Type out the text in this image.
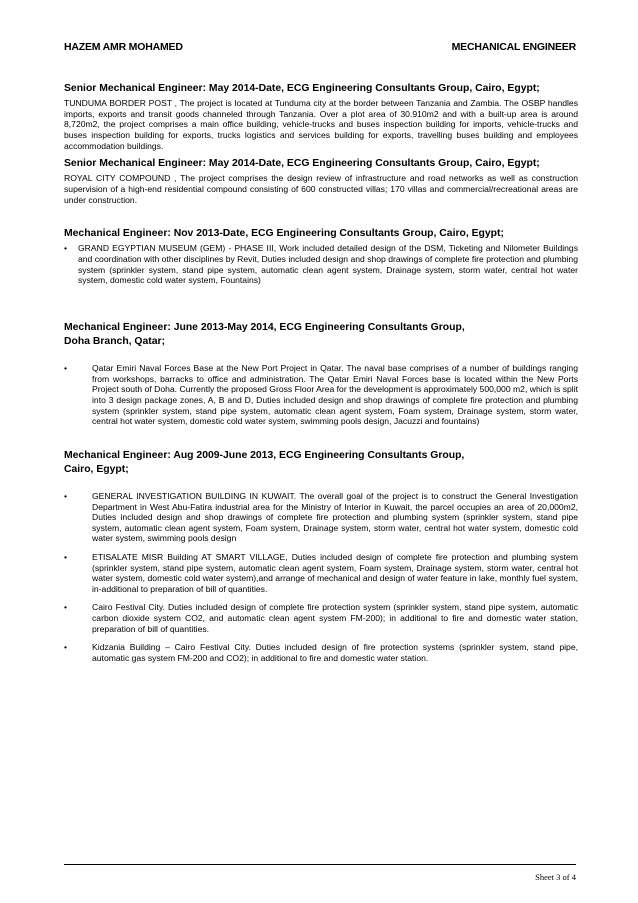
HAZEM AMR MOHAMED	MECHANICAL ENGINEER

Senior Mechanical Engineer: May 2014-Date, ECG Engineering Consultants Group, Cairo, Egypt;

TUNDUMA BORDER POST , The project is located at Tunduma city at the border between Tanzania and Zambia. The OSBP handles imports, exports and transit goods channeled through Tanzania. Over a plot area of 30.910m2 and with a built-up area is around 8,720m2, the project comprises a main office building, vehicle-trucks and buses inspection building for imports, vehicle-trucks and buses inspection building for exports, trucks logistics and services building for exports, travelling buses building and employees accommodation buildings.

Senior Mechanical Engineer: May 2014-Date, ECG Engineering Consultants Group, Cairo, Egypt;

ROYAL CITY COMPOUND , The project comprises the design review of infrastructure and road networks as well as construction supervision of a high-end residential compound consisting of 600 constructed villas; 170 villas and commercial/recreational areas are under construction.

Mechanical Engineer: Nov 2013-Date, ECG Engineering Consultants Group, Cairo, Egypt;

• GRAND EGYPTIAN MUSEUM (GEM) - PHASE III, Work included detailed design of the DSM, Ticketing and Nilometer Buildings and coordination with other disciplines by Revit, Duties included design and shop drawings of complete fire protection and plumbing system (sprinkler system, stand pipe system, automatic clean agent system, Drainage system, storm water, central hot water system, domestic cold water system, Fountains)

Mechanical Engineer: June 2013-May 2014, ECG Engineering Consultants Group,
Doha Branch, Qatar;

•	Qatar Emiri Naval Forces Base at the New Port Project in Qatar. The naval base comprises of a number of buildings ranging from workshops, barracks to office and administration. The Qatar Emiri Naval Forces base is located within the New Ports Project south of Doha. Currently the proposed Gross Floor Area for the development is approximately 500,000 m2, which is split into 3 design package zones, A, B and D, Duties included design and shop drawings of complete fire protection and plumbing system (sprinkler system, stand pipe system, automatic clean agent system, Foam system, Drainage system, storm water, central hot water system, domestic cold water system, swimming pools design, Jacuzzi and fountains)

Mechanical Engineer: Aug 2009-June 2013, ECG Engineering Consultants Group,
Cairo, Egypt;

•	GENERAL INVESTIGATION BUILDING IN KUWAIT. The overall goal of the project is to construct the General Investigation Department in West Abu-Fatira industrial area for the Ministry of Interior in Kuwait, the parcel occupies an area of 20,000m2, Duties included design and shop drawings of complete fire protection and plumbing system (sprinkler system, stand pipe system, automatic clean agent system, Foam system, Drainage system, storm water, central hot water system, domestic cold water system, swimming pools design
•	ETISALATE MISR Building AT SMART VILLAGE, Duties included design of complete fire protection and plumbing system (sprinkler system, stand pipe system, automatic clean agent system, Foam system, Drainage system, storm water, central hot water system, domestic cold water system),and arrange of mechanical and design of water feature in lake, monthly fuel system, in-additional to preparation of bill of quantities.
•	Cairo Festival City. Duties included design of complete fire protection system (sprinkler system, stand pipe system, automatic carbon dioxide system CO2, and automatic clean agent system FM-200); in additional to fire and domestic water station, preparation of bill of quantities.
•	Kidzania Building – Cairo Festival City. Duties included design of fire protection systems (sprinkler system, stand pipe, automatic gas system FM-200 and CO2); in additional to fire and domestic water station.
Sheet 3 of 4
